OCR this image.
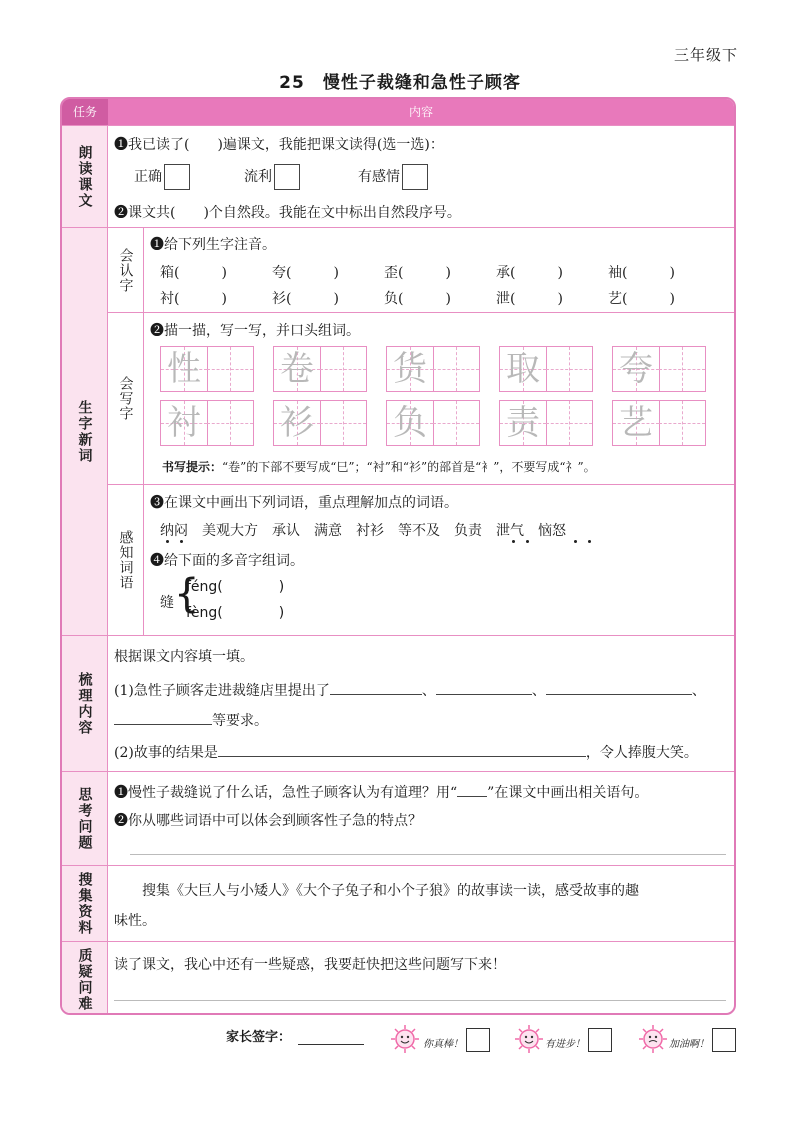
三年级下
25　慢性子裁缝和急性子顾客
任务	内容
朗读课文 ❶我已读了(　　)遍课文，我能把课文读得(选一选)：
正确	流利	有感情
❷课文共(　　)个自然段。我能在文中标出自然段序号。
生字新词
会认字
❶给下列生字注音。
箱(　　　)	夸(　　　)	歪(　　　)	承(　　　)	袖(　　　)
衬(　　　)	衫(　　　)	负(　　　)	泄(　　　)	艺(　　　)
会写字
❷描一描，写一写，并口头组词。
性 卷 货 取 夸
衬 衫 负 责 艺
书写提示：“卷”的下部不要写成“巳”；“衬”和“衫”的部首是“衤”，不要写成“礻”。
感知词语
❸在课文中画出下列词语，重点理解加点的词语。
纳闷 美观大方 承认 满意 衬衫 等不及 负责 泄气 恼怒
❹给下面的多音字组词。
缝 {
féng(　　　　)
fèng(　　　　)
梳理内容
根据课文内容填一填。
(1)急性子顾客走进裁缝店里提出了	、	、	、
等要求。
(2)故事的结果是	，令人捧腹大笑。
思考问题 ❶慢性子裁缝说了什么话，急性子顾客认为有道理？用“ ”在课文中画出相关语句。
❷你从哪些词语中可以体会到顾客性子急的特点？
搜集资料	搜集《大巨人与小矮人》《大个子兔子和小个子狼》的故事读一读，感受故事的趣
味性。
质疑问难 读了课文，我心中还有一些疑惑，我要赶快把这些问题写下来！
家长签字：	你真棒！	有进步！	加油啊！
